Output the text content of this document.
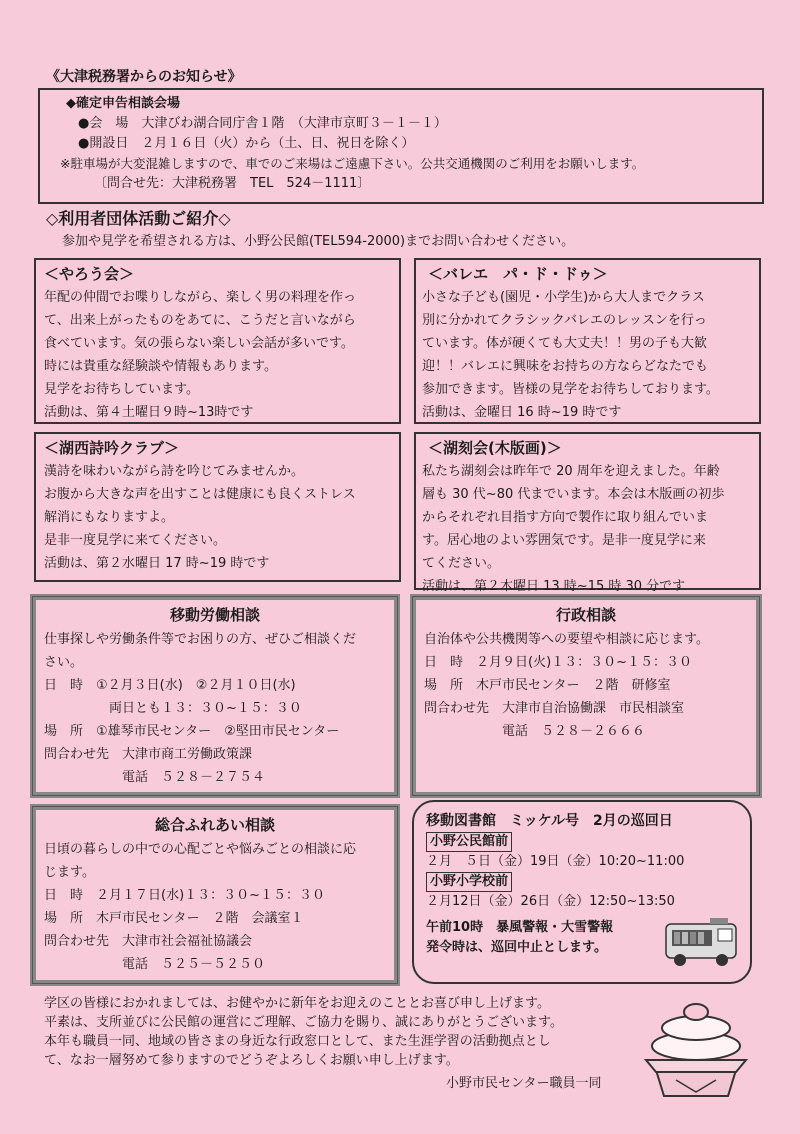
《大津税務署からのお知らせ》

◆確定申告相談会場

●会　場　大津びわ湖合同庁舎１階　（大津市京町３－１－１）

●開設日　２月１６日（火）から（土、日、祝日を除く）

※駐車場が大変混雑しますので、車でのご来場はご遠慮下さい。公共交通機関のご利用をお願いします。

〔問合せ先：大津税務署　TEL　524－1111〕

◇利用者団体活動ご紹介◇
参加や見学を希望される方は、小野公民館(TEL594-2000)までお問い合わせください。

＜やろう会＞

年配の仲間でお喋りしながら、楽しく男の料理を作っ

て、出来上がったものをあてに、こうだと言いながら

食べています。気の張らない楽しい会話が多いです。

時には貴重な経験談や情報もあります。

見学をお待ちしています。

活動は、第４土曜日９時~13時です

＜バレエ　パ・ド・ドゥ＞

小さな子ども(園児・小学生)から大人までクラス

別に分かれてクラシックバレエのレッスンを行っ

ています。体が硬くても大丈夫！！男の子も大歓

迎！！バレエに興味をお持ちの方ならどなたでも

参加できます。皆様の見学をお待ちしております。

活動は、金曜日 16 時~19 時です

＜湖西詩吟クラブ＞

漢詩を味わいながら詩を吟じてみませんか。

お腹から大きな声を出すことは健康にも良くストレス

解消にもなりますよ。

是非一度見学に来てください。

活動は、第２水曜日 17 時~19 時です

＜湖刻会(木版画)＞

私たち湖刻会は昨年で 20 周年を迎えました。年齢

層も 30 代~80 代までいます。本会は木版画の初歩

からそれぞれ目指す方向で製作に取り組んでいま

す。居心地のよい雰囲気です。是非一度見学に来

てください。

活動は、第２木曜日 13 時~15 時 30 分です

移動労働相談

仕事探しや労働条件等でお困りの方、ぜひご相談くだ

さい。

日　時　①２月３日(水)　②２月１０日(水)

　　　　　両日とも１３：３０~１５：３０

場　所　①雄琴市民センター　②堅田市民センター

問合わせ先　大津市商工労働政策課

　　　　　　電話　５２８－２７５４

行政相談

自治体や公共機関等への要望や相談に応じます。

日　時　２月９日(火)１３：３０~１５：３０

場　所　木戸市民センター　２階　研修室

問合わせ先　大津市自治協働課　市民相談室

　　　　　　電話　５２８－２６６６

総合ふれあい相談

日頃の暮らしの中での心配ごとや悩みごとの相談に応

じます。

日　時　２月１７日(水)１３：３０~１５：３０

場　所　木戸市民センター　２階　会議室１

問合わせ先　大津市社会福祉協議会

　　　　　　電話　５２５－５２５０

移動図書館　ミッケル号　2月の巡回日

小野公民館前

２月　５日（金）19日（金）10:20~11:00

小野小学校前

２月12日（金）26日（金）12:50~13:50

午前10時　暴風警報・大雪警報

発令時は、巡回中止とします。

学区の皆様におかれましては、お健やかに新年をお迎えのこととお喜び申し上げます。

平素は、支所並びに公民館の運営にご理解、ご協力を賜り、誠にありがとうございます。

本年も職員一同、地域の皆さまの身近な行政窓口として、また生涯学習の活動拠点とし

て、なお一層努めて参りますのでどうぞよろしくお願い申し上げます。

小野市民センター職員一同
